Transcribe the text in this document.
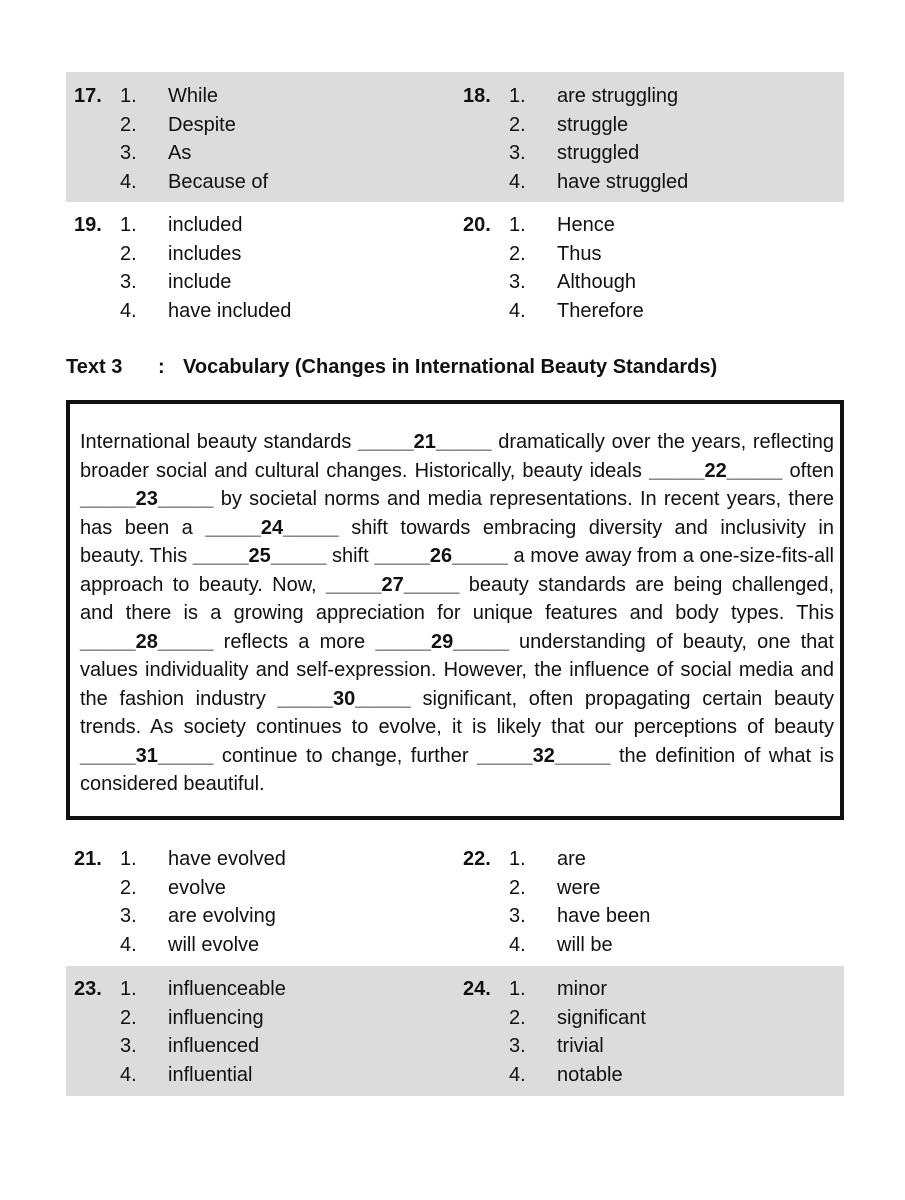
17. 1.	While
2.	Despite
3.	As
4.	Because of
18. 1.	are struggling
2.	struggle
3.	struggled
4.	have struggled
19. 1.	included
2.	includes
3.	include
4.	have included
20. 1.	Hence
2.	Thus
3.	Although
4.	Therefore
Text 3	: Vocabulary (Changes in International Beauty Standards)
International beauty standards _____21_____ dramatically over the years, reflecting broader social and cultural changes. Historically, beauty ideals _____22_____ often _____23_____ by societal norms and media representations. In recent years, there has been a _____24_____ shift towards embracing diversity and inclusivity in beauty. This _____25_____ shift _____26_____ a move away from a one-size-fits-all approach to beauty. Now, _____27_____ beauty standards are being challenged, and there is a growing appreciation for unique features and body types. This _____28_____ reflects a more _____29_____ understanding of beauty, one that values individuality and self-expression. However, the influence of social media and the fashion industry _____30_____ significant, often propagating certain beauty trends. As society continues to evolve, it is likely that our perceptions of beauty _____31_____ continue to change, further _____32_____ the definition of what is considered beautiful.
21. 1.	have evolved
2.	evolve
3.	are evolving
4.	will evolve
22. 1.	are
2.	were
3.	have been
4.	will be
23. 1.	influenceable
2.	influencing
3.	influenced
4.	influential
24. 1.	minor
2.	significant
3.	trivial
4.	notable
